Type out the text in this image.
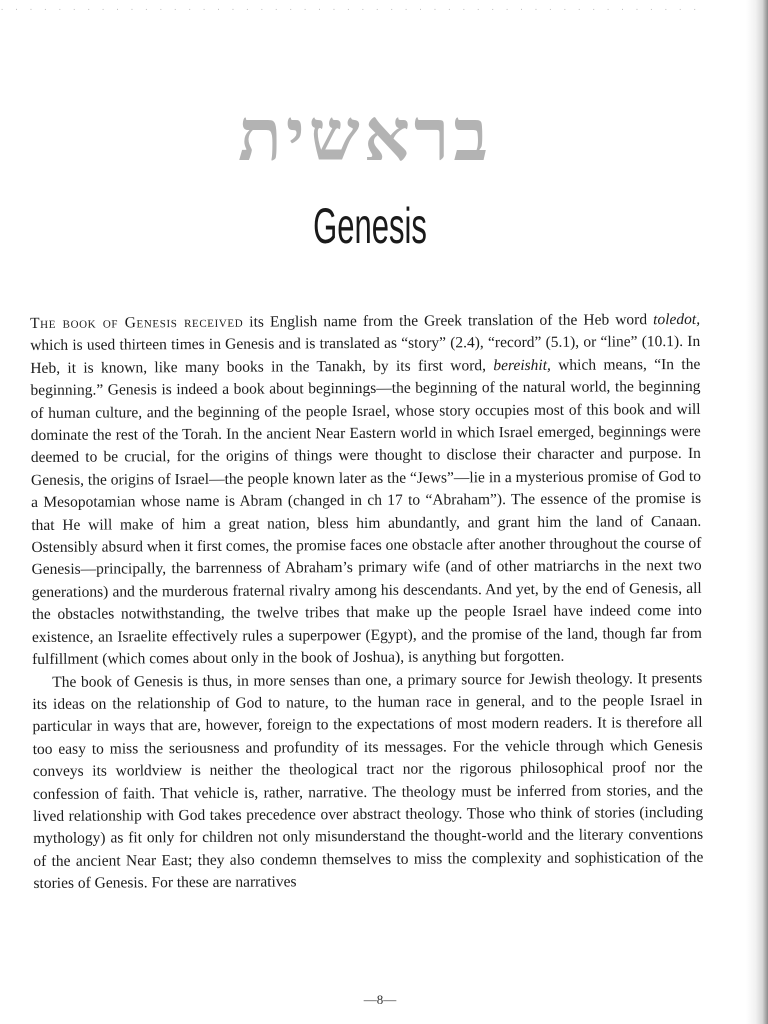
· · · · · · · · · · · · · · · · · · · · · · · · · · · · · · · · · · · · · · · · · · · · · · · · ·
בראשית
Genesis

The book of Genesis received its English name from the Greek translation of the Heb word toledot, which is used thirteen times in Genesis and is translated as “story” (2.4), “record” (5.1), or “line” (10.1). In Heb, it is known, like many books in the Tanakh, by its first word, bereishit, which means, “In the beginning.” Genesis is indeed a book about beginnings—the beginning of the natural world, the beginning of human culture, and the beginning of the people Israel, whose story occupies most of this book and will dominate the rest of the Torah. In the ancient Near Eastern world in which Israel emerged, beginnings were deemed to be crucial, for the origins of things were thought to disclose their character and purpose. In Genesis, the origins of Israel—the people known later as the “Jews”—lie in a mysterious promise of God to a Mesopotamian whose name is Abram (changed in ch 17 to “Abraham”). The essence of the promise is that He will make of him a great nation, bless him abundantly, and grant him the land of Canaan. Ostensibly absurd when it first comes, the promise faces one obstacle after another throughout the course of Genesis—principally, the barrenness of Abraham’s primary wife (and of other matriarchs in the next two generations) and the murderous fraternal rivalry among his descendants. And yet, by the end of Genesis, all the obstacles notwithstanding, the twelve tribes that make up the people Israel have indeed come into existence, an Israelite effectively rules a superpower (Egypt), and the promise of the land, though far from fulfillment (which comes about only in the book of Joshua), is anything but forgotten.

The book of Genesis is thus, in more senses than one, a primary source for Jewish theology. It presents its ideas on the relationship of God to nature, to the human race in general, and to the people Israel in particular in ways that are, however, foreign to the expectations of most modern readers. It is therefore all too easy to miss the seriousness and profundity of its messages. For the vehicle through which Genesis conveys its worldview is neither the theological tract nor the rigorous philosophical proof nor the confession of faith. That vehicle is, rather, narrative. The theology must be inferred from stories, and the lived relationship with God takes precedence over abstract theology. Those who think of stories (including mythology) as fit only for children not only misunderstand the thought-world and the literary conventions of the ancient Near East; they also condemn themselves to miss the complexity and sophistication of the stories of Genesis. For these are narratives

—8—
